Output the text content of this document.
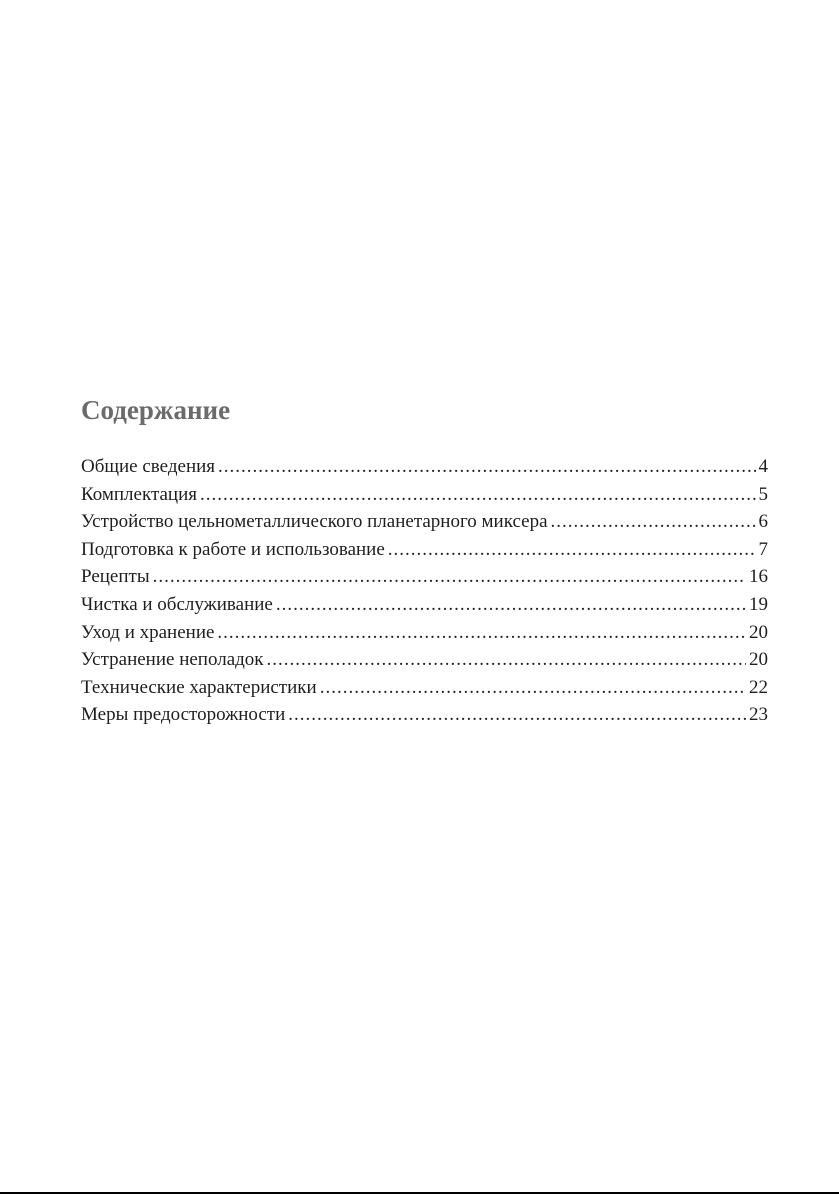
Содержание
Общие сведения .....	4
Комплектация .....	5
Устройство цельнометаллического планетарного миксера .....	6
Подготовка к работе и использование .....	7
Рецепты .....	16
Чистка и обслуживание .....	19
Уход и хранение .....	20
Устранение неполадок .....	20
Технические характеристики .....	22
Меры предосторожности .....	23
